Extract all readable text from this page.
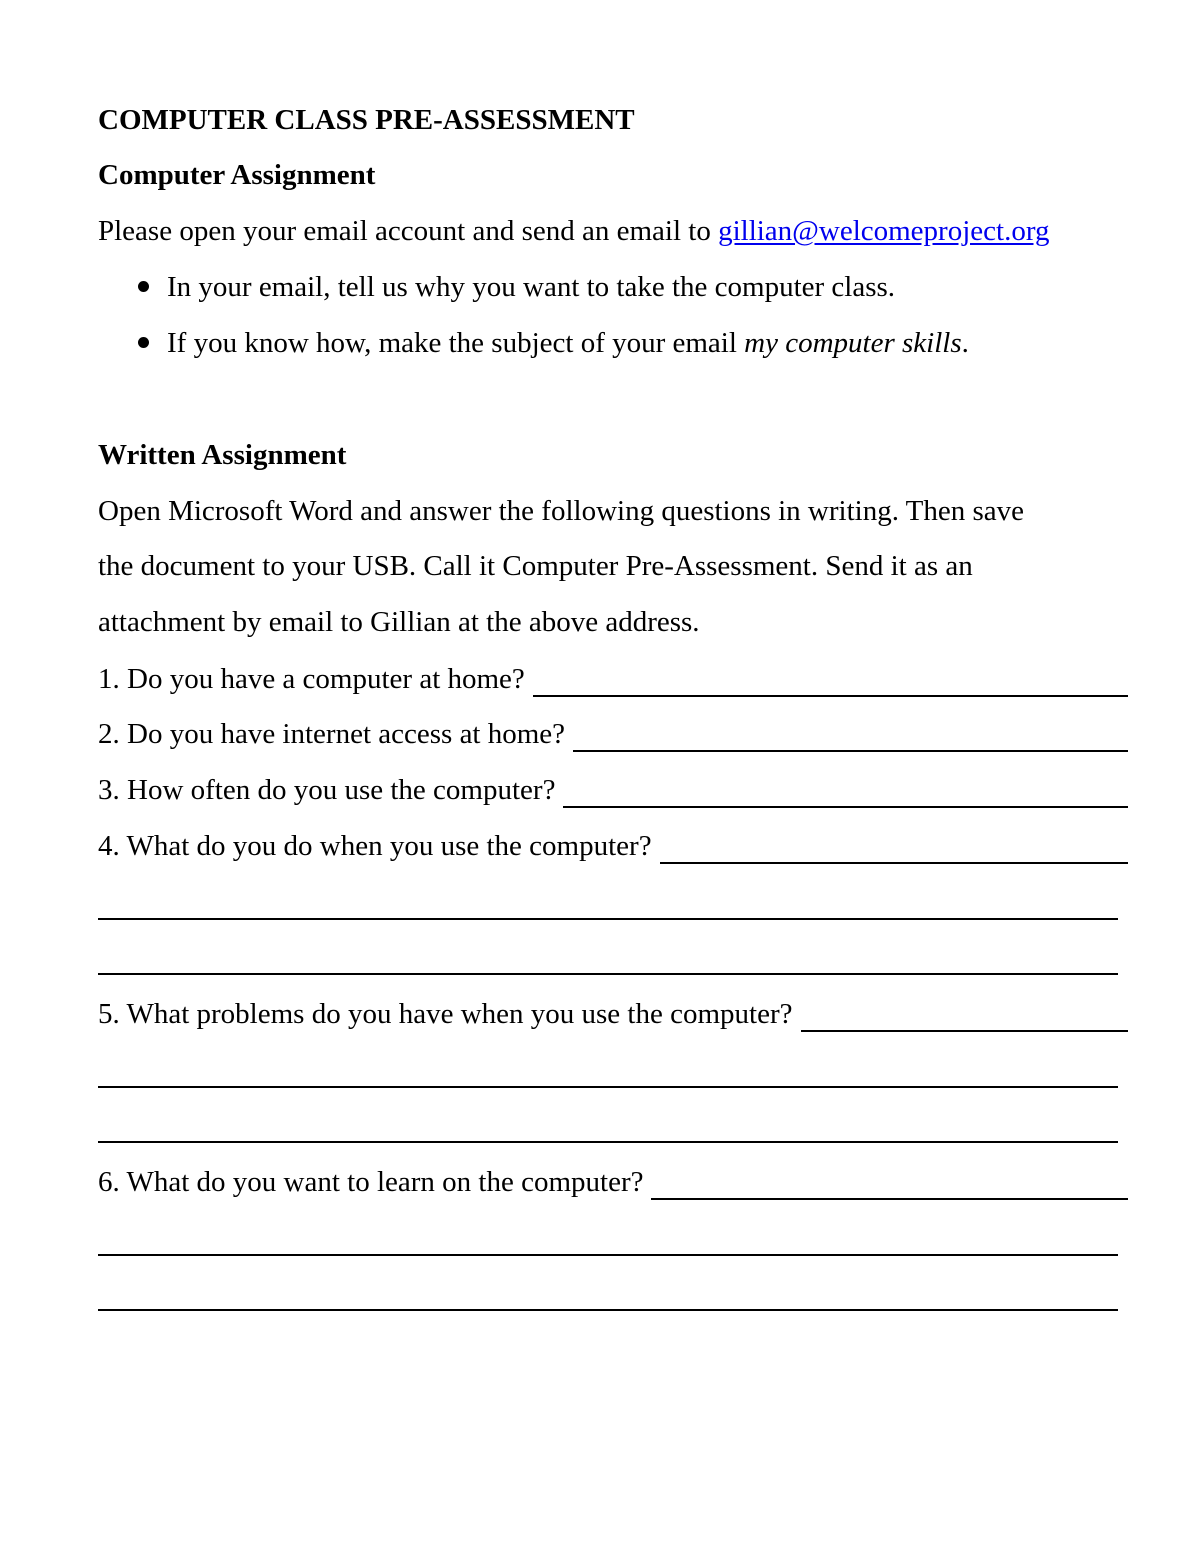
COMPUTER CLASS PRE-ASSESSMENT
Computer Assignment
Please open your email account and send an email to gillian@welcomeproject.org
In your email, tell us why you want to take the computer class.
If you know how, make the subject of your email my computer skills.
Written Assignment
Open Microsoft Word and answer the following questions in writing. Then save
the document to your USB. Call it Computer Pre-Assessment. Send it as an
attachment by email to Gillian at the above address.
1. Do you have a computer at home?
2. Do you have internet access at home?
3. How often do you use the computer?
4. What do you do when you use the computer?
5. What problems do you have when you use the computer?
6. What do you want to learn on the computer?
